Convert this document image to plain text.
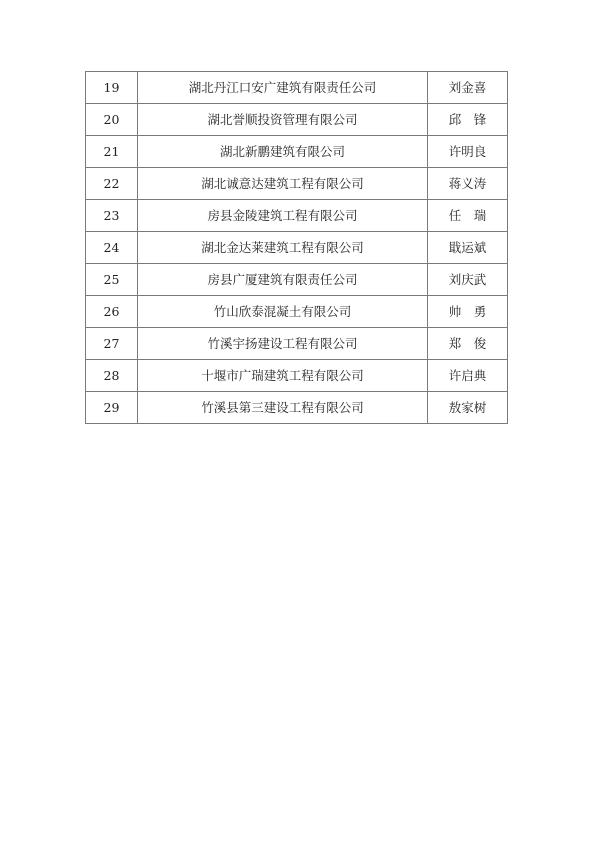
19	湖北丹江口安广建筑有限责任公司	刘金喜
20	湖北誉顺投资管理有限公司	邱　锋
21	湖北新鹏建筑有限公司	许明良
22	湖北诚意达建筑工程有限公司	蒋义涛
23	房县金陵建筑工程有限公司	任　瑞
24	湖北金达莱建筑工程有限公司	戢运斌
25	房县广厦建筑有限责任公司	刘庆武
26	竹山欣泰混凝土有限公司	帅　勇
27	竹溪宇扬建设工程有限公司	郑　俊
28	十堰市广瑞建筑工程有限公司	许启典
29	竹溪县第三建设工程有限公司	敖家树
